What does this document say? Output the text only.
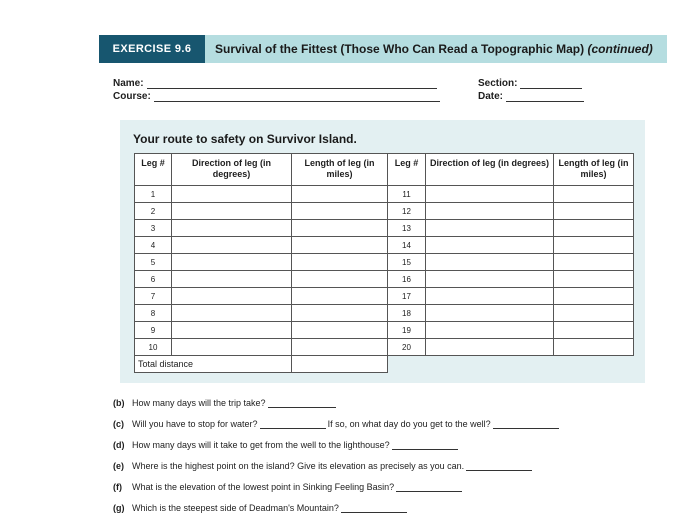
EXERCISE 9.6	Survival of the Fittest (Those Who Can Read a Topographic Map) (continued)
Name:
Course:
Section:
Date:
Your route to safety on Survivor Island.
Leg #	Direction of leg (in degrees)	Length of leg (in miles)	Leg #	Direction of leg (in degrees)	Length of leg (in miles)
1			11		
2			12		
3			13		
4			14		
5			15		
6			16		
7			17		
8			18		
9			19		
10			20		
Total distance					
(b) How many days will the trip take?
(c) Will you have to stop for water?	If so, on what day do you get to the well?
(d) How many days will it take to get from the well to the lighthouse?
(e) Where is the highest point on the island? Give its elevation as precisely as you can.
(f)	What is the elevation of the lowest point in Sinking Feeling Basin?
(g) Which is the steepest side of Deadman's Mountain?
